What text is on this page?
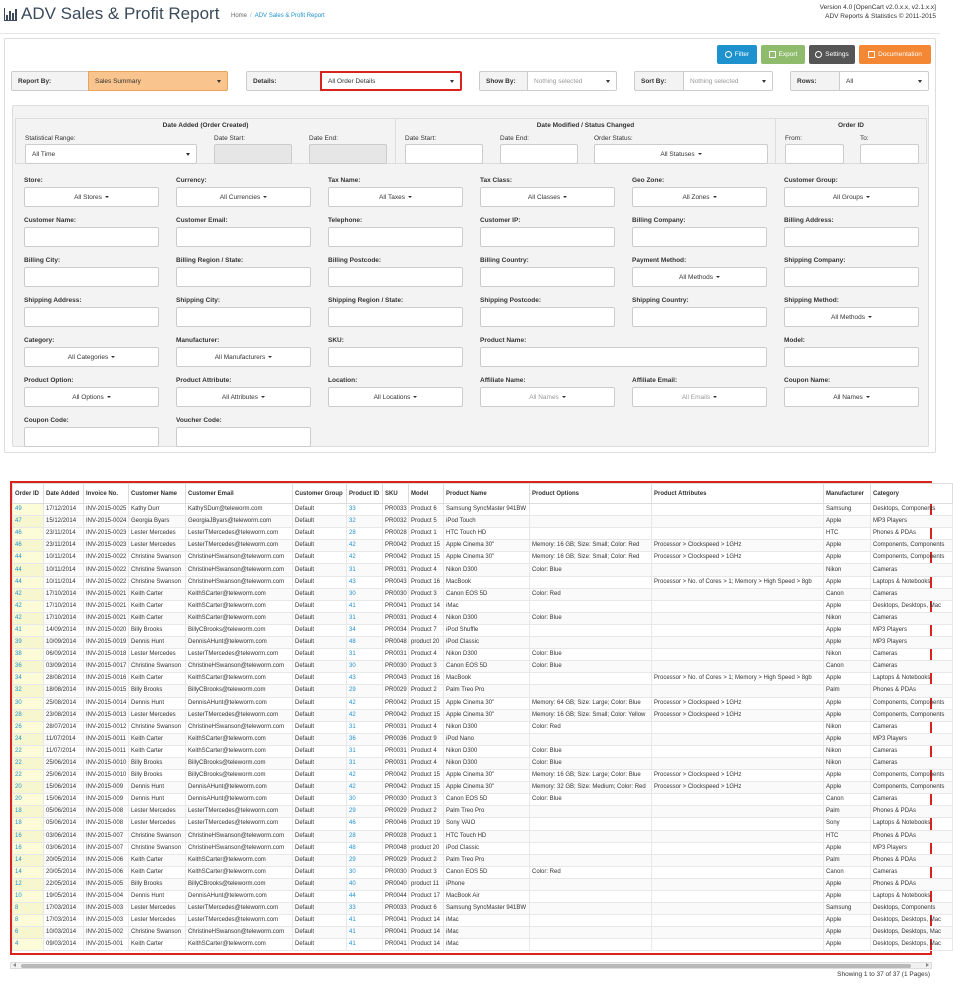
ADV Sales & Profit Report Home / ADV Sales & Profit Report
Version 4.0 [OpenCart v2.0.x.x, v2.1.x.x]
ADV Reports & Statistics © 2011-2015
Filter	Export	Settings	Documentation
Report By:	Sales Summary	Details:	All Order Details	Show By:	Nothing selected	Sort By:	Nothing selected	Rows:	All
Date Added (Order Created)
Statistical Range:
All Time
Date Start:	Date End:
Date Modified / Status Changed
Date Start:	Date End:	Order Status:
All Statuses
Order ID
From:	To:
Store:
All Stores
Currency:
All Currencies
Tax Name:
All Taxes
Tax Class:
All Classes
Geo Zone:
All Zones
Customer Group:
All Groups
Customer Name:	Customer Email:	Telephone:	Customer IP:	Billing Company:	Billing Address:
Billing City:	Billing Region / State:	Billing Postcode:	Billing Country:	Payment Method:
All Methods
Shipping Company:
Shipping Address:	Shipping City:	Shipping Region / State:	Shipping Postcode:	Shipping Country:	Shipping Method:
All Methods
Category:
All Categories
Manufacturer:
All Manufacturers
SKU:	Product Name:	Model:
Product Option:
All Options
Product Attribute:
All Attributes
Location:
All Locations
Affiliate Name:
All Names
Affiliate Email:
All Emails
Coupon Name:
All Names
Coupon Code:	Voucher Code:
Order ID	Date Added	Invoice No.	Customer Name	Customer Email	Customer Group	Product ID	SKU	Model	Product Name	Product Options	Product Attributes	Manufacturer	Category
49	17/12/2014	INV-2015-0025	Kathy Durr	KathySDurr@teleworm.com	Default	33	PR0033	Product 6	Samsung SyncMaster 941BW			Samsung	Desktops, Components
47	15/12/2014	INV-2015-0024	Georgia Byars	GeorgiaJByars@teleworm.com	Default	32	PR0032	Product 5	iPod Touch			Apple	MP3 Players
46	23/11/2014	INV-2015-0023	Lester Mercedes	LesterTMercedes@teleworm.com	Default	28	PR0028	Product 1	HTC Touch HD			HTC	Phones & PDAs
46	23/11/2014	INV-2015-0023	Lester Mercedes	LesterTMercedes@teleworm.com	Default	42	PR0042	Product 15	Apple Cinema 30"	Memory: 16 GB; Size: Small; Color: Red	Processor > Clockspeed > 1GHz	Apple	Components, Components
44	10/11/2014	INV-2015-0022	Christine Swanson	ChristineHSwanson@teleworm.com	Default	42	PR0042	Product 15	Apple Cinema 30"	Memory: 16 GB; Size: Small; Color: Red	Processor > Clockspeed > 1GHz	Apple	Components, Components
44	10/11/2014	INV-2015-0022	Christine Swanson	ChristineHSwanson@teleworm.com	Default	31	PR0031	Product 4	Nikon D300	Color: Blue		Nikon	Cameras
44	10/11/2014	INV-2015-0022	Christine Swanson	ChristineHSwanson@teleworm.com	Default	43	PR0043	Product 16	MacBook		Processor > No. of Cores > 1; Memory > High Speed > 8gb	Apple	Laptops & Notebooks
42	17/10/2014	INV-2015-0021	Keith Carter	KeithSCarter@teleworm.com	Default	30	PR0030	Product 3	Canon EOS 5D	Color: Red		Canon	Cameras
42	17/10/2014	INV-2015-0021	Keith Carter	KeithSCarter@teleworm.com	Default	41	PR0041	Product 14	iMac			Apple	Desktops, Desktops, Mac
42	17/10/2014	INV-2015-0021	Keith Carter	KeithSCarter@teleworm.com	Default	31	PR0031	Product 4	Nikon D300	Color: Blue		Nikon	Cameras
41	14/09/2014	INV-2015-0020	Billy Brooks	BillyCBrooks@teleworm.com	Default	34	PR0034	Product 7	iPod Shuffle			Apple	MP3 Players
39	10/09/2014	INV-2015-0019	Dennis Hunt	DennisAHunt@teleworm.com	Default	48	PR0048	product 20	iPod Classic			Apple	MP3 Players
38	06/09/2014	INV-2015-0018	Lester Mercedes	LesterTMercedes@teleworm.com	Default	31	PR0031	Product 4	Nikon D300	Color: Blue		Nikon	Cameras
36	03/09/2014	INV-2015-0017	Christine Swanson	ChristineHSwanson@teleworm.com	Default	30	PR0030	Product 3	Canon EOS 5D	Color: Blue		Canon	Cameras
34	28/08/2014	INV-2015-0016	Keith Carter	KeithSCarter@teleworm.com	Default	43	PR0043	Product 16	MacBook		Processor > No. of Cores > 1; Memory > High Speed > 8gb	Apple	Laptops & Notebooks
32	18/08/2014	INV-2015-0015	Billy Brooks	BillyCBrooks@teleworm.com	Default	29	PR0029	Product 2	Palm Treo Pro			Palm	Phones & PDAs
30	25/08/2014	INV-2015-0014	Dennis Hunt	DennisAHunt@teleworm.com	Default	42	PR0042	Product 15	Apple Cinema 30"	Memory: 64 GB; Size: Large; Color: Blue	Processor > Clockspeed > 1GHz	Apple	Components, Components
28	23/08/2014	INV-2015-0013	Lester Mercedes	LesterTMercedes@teleworm.com	Default	42	PR0042	Product 15	Apple Cinema 30"	Memory: 16 GB; Size: Small; Color: Yellow	Processor > Clockspeed > 1GHz	Apple	Components, Components
26	28/07/2014	INV-2015-0012	Christine Swanson	ChristineHSwanson@teleworm.com	Default	31	PR0031	Product 4	Nikon D300	Color: Red		Nikon	Cameras
24	11/07/2014	INV-2015-0011	Keith Carter	KeithSCarter@teleworm.com	Default	36	PR0036	Product 9	iPod Nano			Apple	MP3 Players
22	11/07/2014	INV-2015-0011	Keith Carter	KeithSCarter@teleworm.com	Default	31	PR0031	Product 4	Nikon D300	Color: Blue		Nikon	Cameras
22	25/06/2014	INV-2015-0010	Billy Brooks	BillyCBrooks@teleworm.com	Default	31	PR0031	Product 4	Nikon D300	Color: Blue		Nikon	Cameras
22	25/06/2014	INV-2015-0010	Billy Brooks	BillyCBrooks@teleworm.com	Default	42	PR0042	Product 15	Apple Cinema 30"	Memory: 16 GB; Size: Large; Color: Blue	Processor > Clockspeed > 1GHz	Apple	Components, Components
20	15/06/2014	INV-2015-009	Dennis Hunt	DennisAHunt@teleworm.com	Default	42	PR0042	Product 15	Apple Cinema 30"	Memory: 32 GB; Size: Medium; Color: Red	Processor > Clockspeed > 1GHz	Apple	Components, Components
20	15/06/2014	INV-2015-009	Dennis Hunt	DennisAHunt@teleworm.com	Default	30	PR0030	Product 3	Canon EOS 5D	Color: Blue		Canon	Cameras
18	05/06/2014	INV-2015-008	Lester Mercedes	LesterTMercedes@teleworm.com	Default	29	PR0029	Product 2	Palm Treo Pro			Palm	Phones & PDAs
18	05/06/2014	INV-2015-008	Lester Mercedes	LesterTMercedes@teleworm.com	Default	46	PR0046	Product 19	Sony VAIO			Sony	Laptops & Notebooks
16	03/06/2014	INV-2015-007	Christine Swanson	ChristineHSwanson@teleworm.com	Default	28	PR0028	Product 1	HTC Touch HD			HTC	Phones & PDAs
16	03/06/2014	INV-2015-007	Christine Swanson	ChristineHSwanson@teleworm.com	Default	48	PR0048	product 20	iPod Classic			Apple	MP3 Players
14	20/05/2014	INV-2015-006	Keith Carter	KeithSCarter@teleworm.com	Default	29	PR0029	Product 2	Palm Treo Pro			Palm	Phones & PDAs
14	20/05/2014	INV-2015-006	Keith Carter	KeithSCarter@teleworm.com	Default	30	PR0030	Product 3	Canon EOS 5D	Color: Red		Canon	Cameras
12	22/05/2014	INV-2015-005	Billy Brooks	BillyCBrooks@teleworm.com	Default	40	PR0040	product 11	iPhone			Apple	Phones & PDAs
10	19/05/2014	INV-2015-004	Dennis Hunt	DennisAHunt@teleworm.com	Default	44	PR0044	Product 17	MacBook Air			Apple	Laptops & Notebooks
8	17/03/2014	INV-2015-003	Lester Mercedes	LesterTMercedes@teleworm.com	Default	33	PR0033	Product 6	Samsung SyncMaster 941BW			Samsung	Desktops, Components
8	17/03/2014	INV-2015-003	Lester Mercedes	LesterTMercedes@teleworm.com	Default	41	PR0041	Product 14	iMac			Apple	Desktops, Desktops, Mac
6	10/03/2014	INV-2015-002	Christine Swanson	ChristineHSwanson@teleworm.com	Default	41	PR0041	Product 14	iMac			Apple	Desktops, Desktops, Mac
4	09/03/2014	INV-2015-001	Keith Carter	KeithSCarter@teleworm.com	Default	41	PR0041	Product 14	iMac			Apple	Desktops, Desktops, Mac
Showing 1 to 37 of 37 (1 Pages)
